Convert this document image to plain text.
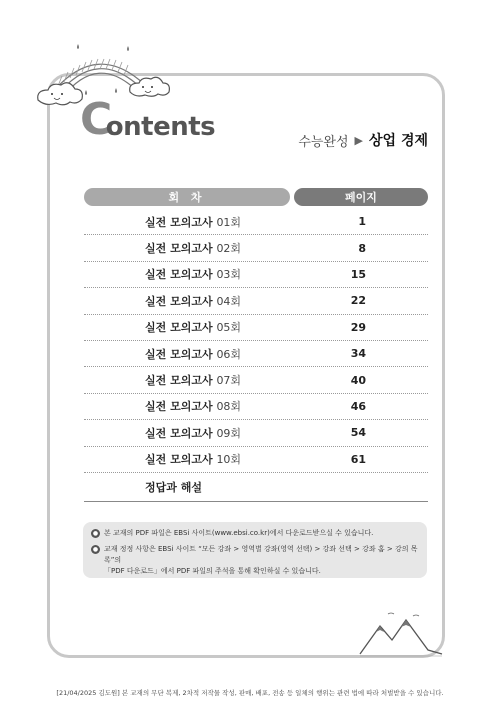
C
ontents	수능완성 ▶ 상업 경제
회 차	페이지
실전 모의고사 01회	1
실전 모의고사 02회	8
실전 모의고사 03회	15
실전 모의고사 04회	22
실전 모의고사 05회	29
실전 모의고사 06회	34
실전 모의고사 07회	40
실전 모의고사 08회	46
실전 모의고사 09회	54
실전 모의고사 10회	61
정답과 해설
● 본 교재의 PDF 파일은 EBSi 사이트(www.ebsi.co.kr)에서 다운로드받으실 수 있습니다.
● 교재 정정 사항은 EBSi 사이트 “모든 강좌 > 영역별 강좌(영역 선택) > 강좌 선택 > 강좌 홈 > 강의 목록”의
「PDF 다운로드」에서 PDF 파일의 주석을 통해 확인하실 수 있습니다.
[21/04/2025 김도원] 본 교재의 무단 복제, 2차적 저작물 작성, 판매, 배포, 전송 등 일체의 행위는 관련 법에 따라 처벌받을 수 있습니다.
